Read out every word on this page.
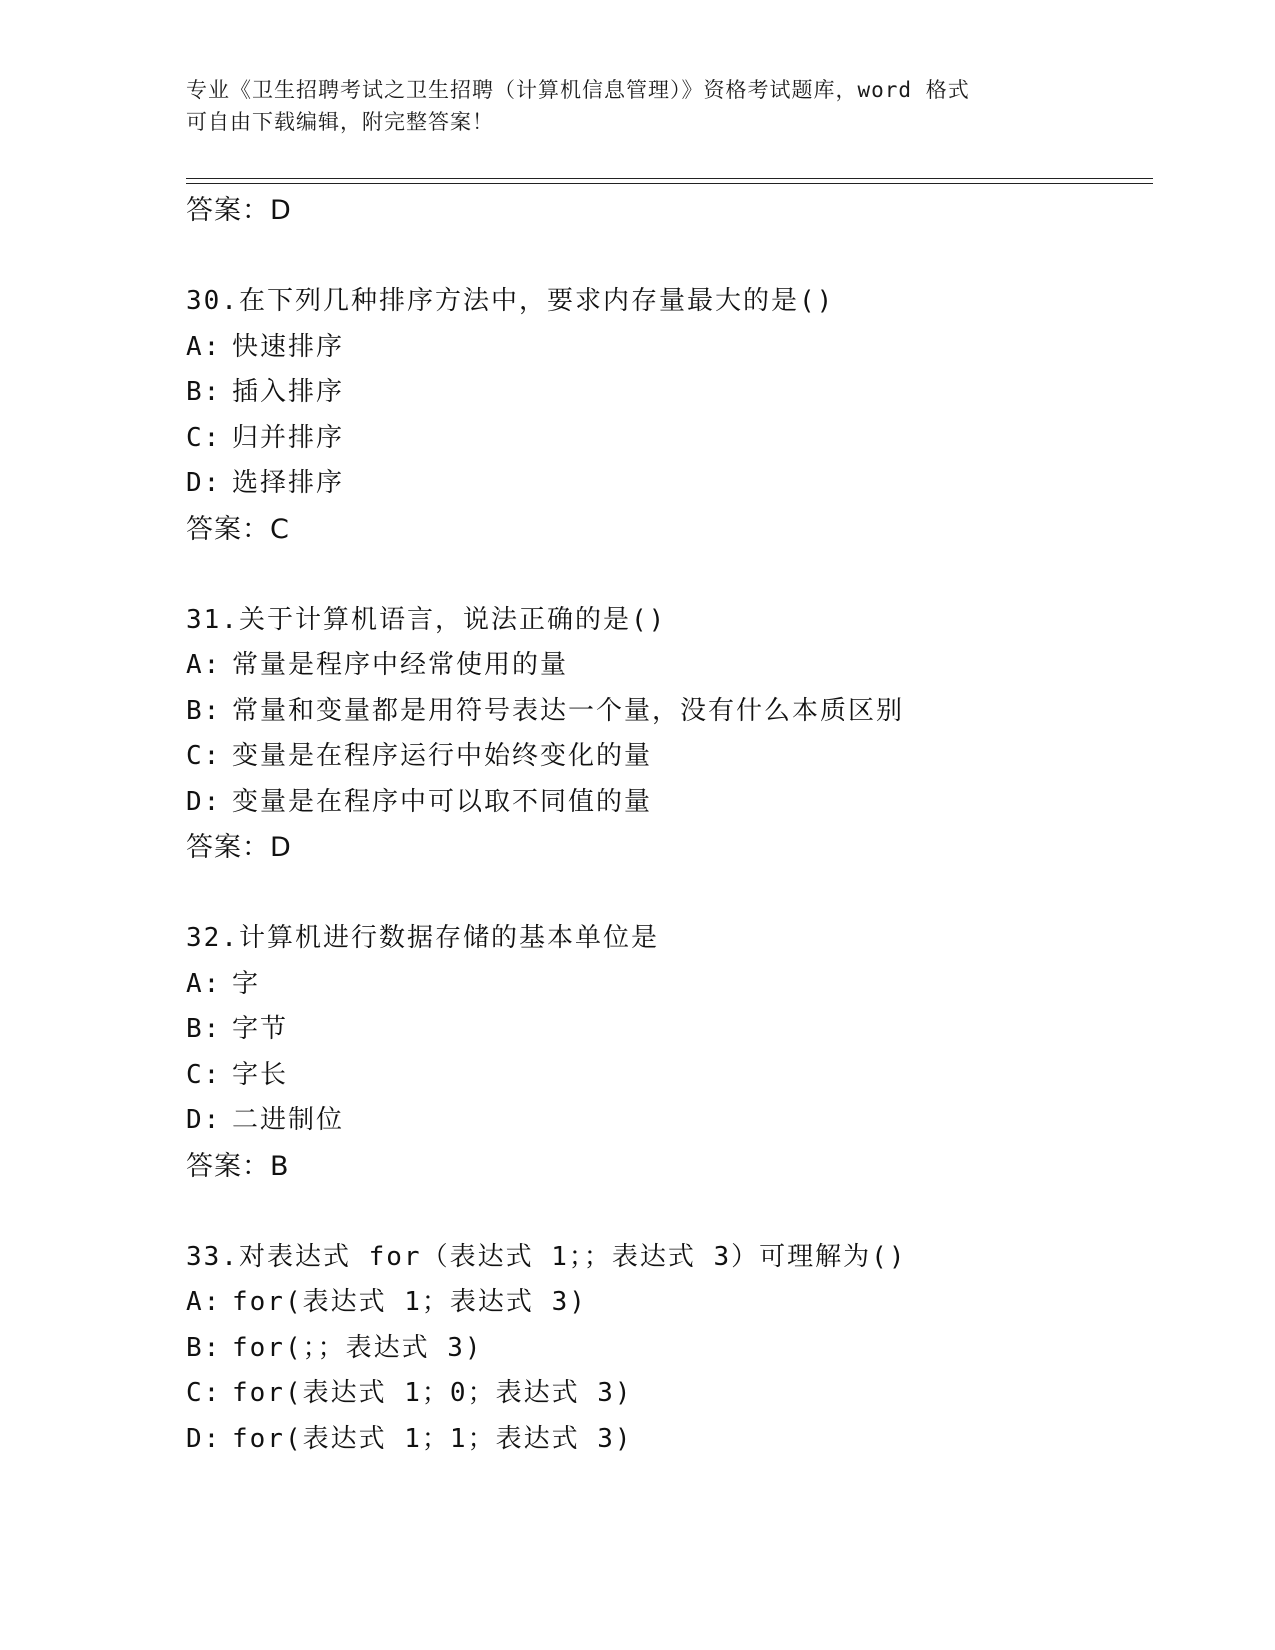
专业《卫生招聘考试之卫生招聘（计算机信息管理）》资格考试题库，word 格式
可自由下载编辑，附完整答案！
答案：D
30.在下列几种排序方法中，要求内存量最大的是()
A: 快速排序
B: 插入排序
C: 归并排序
D: 选择排序
答案：C
31.关于计算机语言，说法正确的是()
A: 常量是程序中经常使用的量
B: 常量和变量都是用符号表达一个量，没有什么本质区别
C: 变量是在程序运行中始终变化的量
D: 变量是在程序中可以取不同值的量
答案：D
32.计算机进行数据存储的基本单位是
A: 字
B: 字节
C: 字长
D: 二进制位
答案：B
33.对表达式 for（表达式 1；；表达式 3）可理解为()
A: for(表达式 1；表达式 3)
B: for(；；表达式 3)
C: for(表达式 1；0；表达式 3)
D: for(表达式 1；1；表达式 3)
